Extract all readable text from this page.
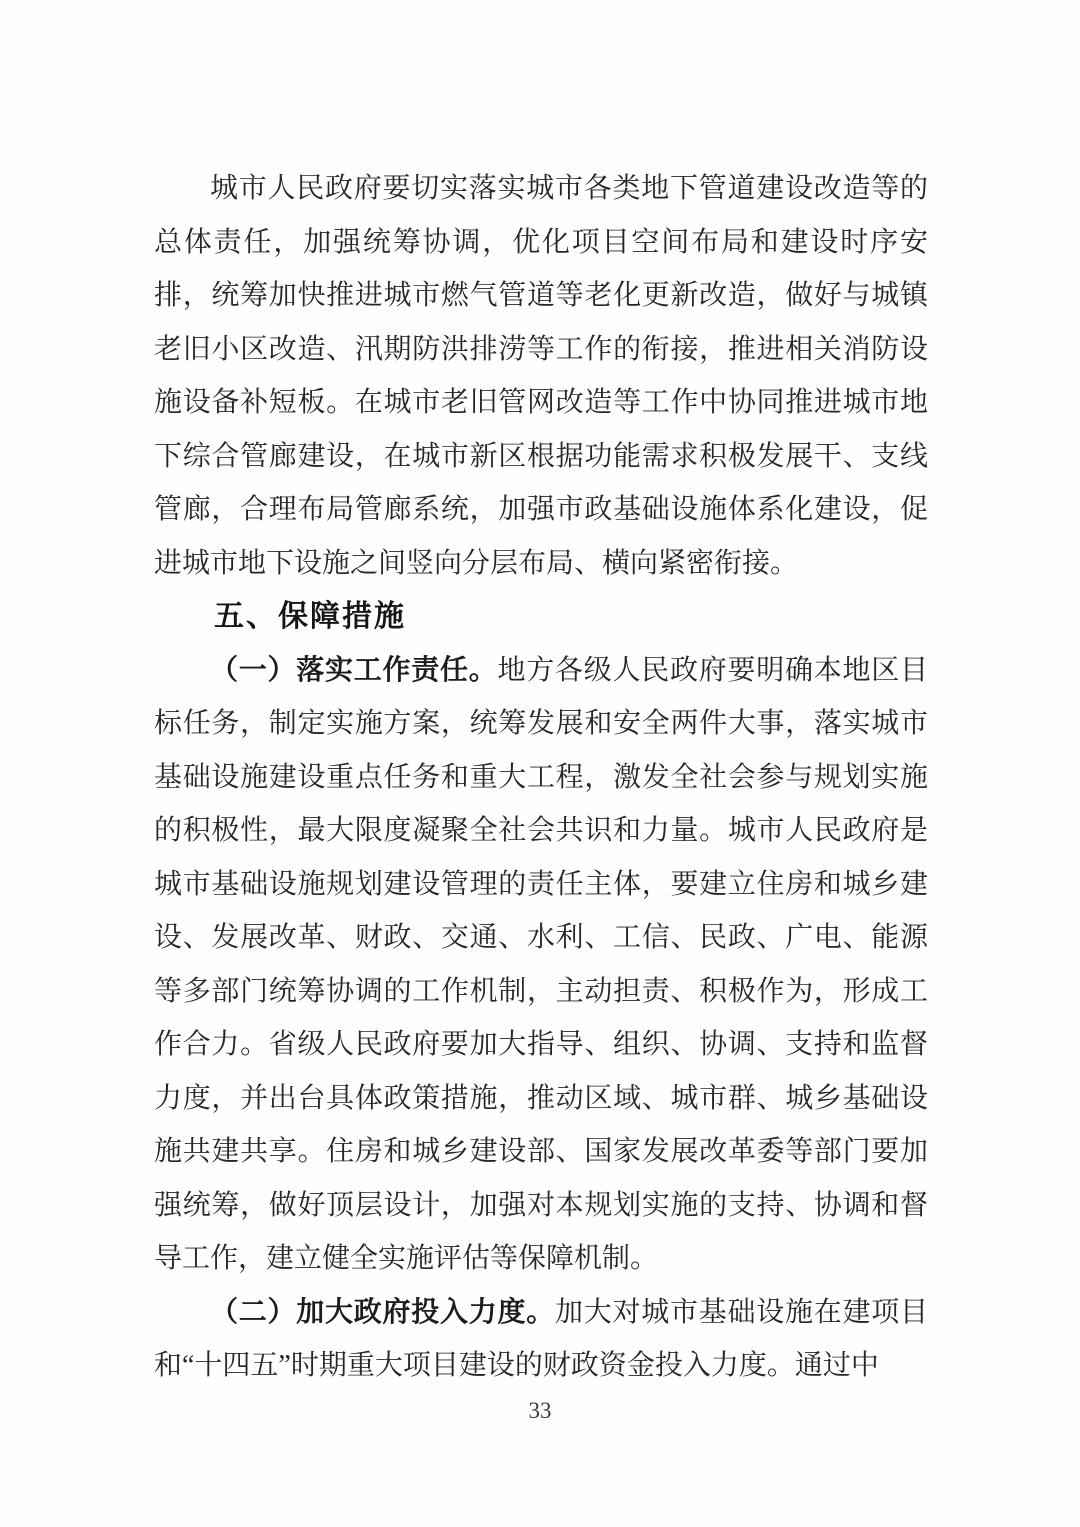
城市人民政府要切实落实城市各类地下管道建设改造等的总体责任，加强统筹协调，优化项目空间布局和建设时序安排，统筹加快推进城市燃气管道等老化更新改造，做好与城镇老旧小区改造、汛期防洪排涝等工作的衔接，推进相关消防设施设备补短板。在城市老旧管网改造等工作中协同推进城市地下综合管廊建设，在城市新区根据功能需求积极发展干、支线管廊，合理布局管廊系统，加强市政基础设施体系化建设，促进城市地下设施之间竖向分层布局、横向紧密衔接。

五、保障措施

（一）落实工作责任。地方各级人民政府要明确本地区目标任务，制定实施方案，统筹发展和安全两件大事，落实城市基础设施建设重点任务和重大工程，激发全社会参与规划实施的积极性，最大限度凝聚全社会共识和力量。城市人民政府是城市基础设施规划建设管理的责任主体，要建立住房和城乡建设、发展改革、财政、交通、水利、工信、民政、广电、能源等多部门统筹协调的工作机制，主动担责、积极作为，形成工作合力。省级人民政府要加大指导、组织、协调、支持和监督力度，并出台具体政策措施，推动区域、城市群、城乡基础设施共建共享。住房和城乡建设部、国家发展改革委等部门要加强统筹，做好顶层设计，加强对本规划实施的支持、协调和督导工作，建立健全实施评估等保障机制。

（二）加大政府投入力度。加大对城市基础设施在建项目和“十四五”时期重大项目建设的财政资金投入力度。通过中

33
